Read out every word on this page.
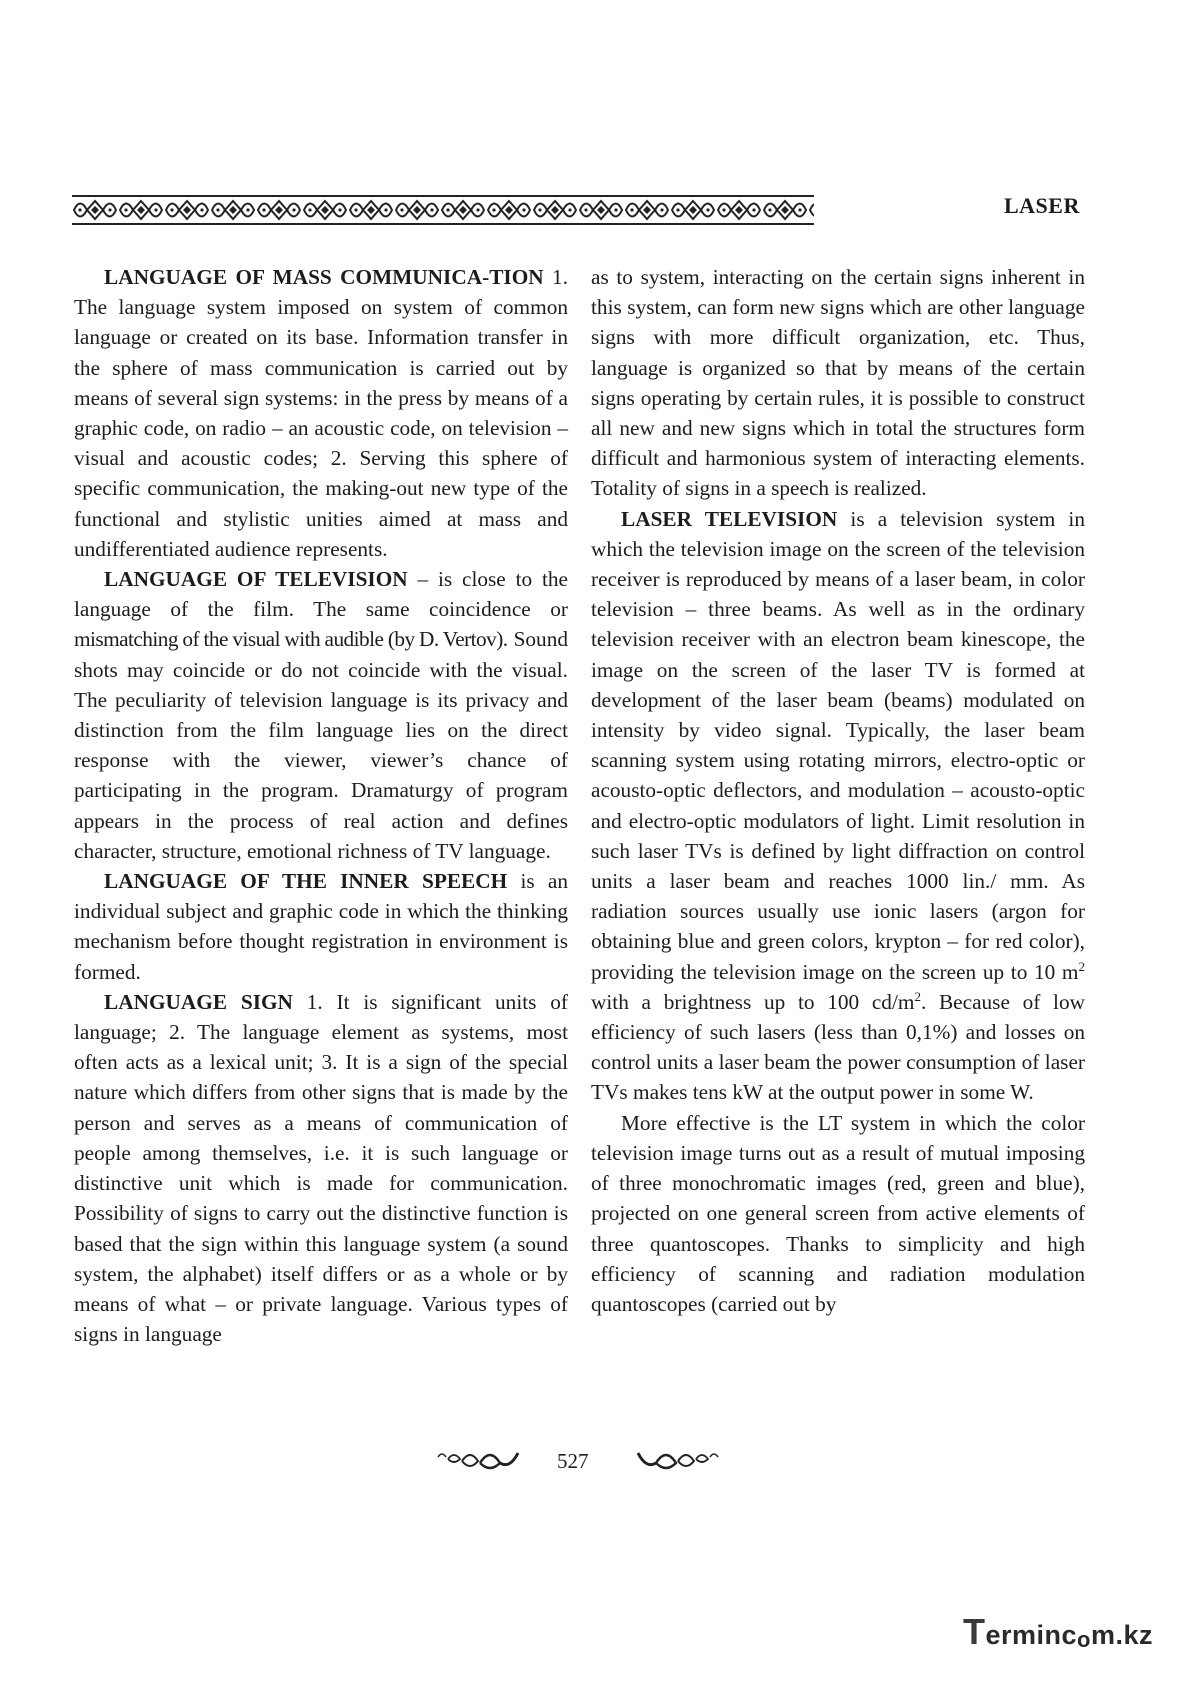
LASER

LANGUAGE OF MASS COMMUNICA-TION 1. The language system imposed on system of common language or created on its base. Information transfer in the sphere of mass communication is carried out by means of several sign systems: in the press by means of a graphic code, on radio – an acoustic code, on television – visual and acoustic codes; 2. Serving this sphere of specific communication, the making-out new type of the functional and stylistic unities aimed at mass and undifferentiated audience represents.

LANGUAGE OF TELEVISION – is close to the language of the film. The same coincidence or mismatching of the visual with audible (by D. Vertov). Sound shots may coincide or do not coincide with the visual. The peculiarity of television language is its privacy and distinction from the film language lies on the direct response with the viewer, viewer’s chance of participating in the program. Dramaturgy of program appears in the process of real action and defines character, structure, emotional richness of TV language.

LANGUAGE OF THE INNER SPEECH is an individual subject and graphic code in which the thinking mechanism before thought registration in environment is formed.

LANGUAGE SIGN 1. It is significant units of language; 2. The language element as systems, most often acts as a lexical unit; 3. It is a sign of the special nature which differs from other signs that is made by the person and serves as a means of communication of people among themselves, i.e. it is such language or distinctive unit which is made for communication. Possibility of signs to carry out the distinctive function is based that the sign within this language system (a sound system, the alphabet) itself differs or as a whole or by means of what – or private language. Various types of signs in language

as to system, interacting on the certain signs inherent in this system, can form new signs which are other language signs with more difficult organization, etc. Thus, language is organized so that by means of the certain signs operating by certain rules, it is possible to construct all new and new signs which in total the structures form difficult and harmonious system of interacting elements. Totality of signs in a speech is realized.

LASER TELEVISION is a television system in which the television image on the screen of the television receiver is reproduced by means of a laser beam, in color television – three beams. As well as in the ordinary television receiver with an electron beam kinescope, the image on the screen of the laser TV is formed at development of the laser beam (beams) modulated on intensity by video signal. Typically, the laser beam scanning system using rotating mirrors, electro-optic or acousto-optic deflectors, and modulation – acousto-optic and electro-optic modulators of light. Limit resolution in such laser TVs is defined by light diffraction on control units a laser beam and reaches 1000 lin./ mm. As radiation sources usually use ionic lasers (argon for obtaining blue and green colors, krypton – for red color), providing the television image on the screen up to 10 $m^2$ with a brightness up to 100 $cd/m^2$. Because of low efficiency of such lasers (less than 0,1%) and losses on control units a laser beam the power consumption of laser TVs makes tens kW at the output power in some W.

More effective is the LT system in which the color television image turns out as a result of mutual imposing of three monochromatic images (red, green and blue), projected on one general screen from active elements of three quantoscopes. Thanks to simplicity and high efficiency of scanning and radiation modulation quantoscopes (carried out by

527
Termincom.kz
